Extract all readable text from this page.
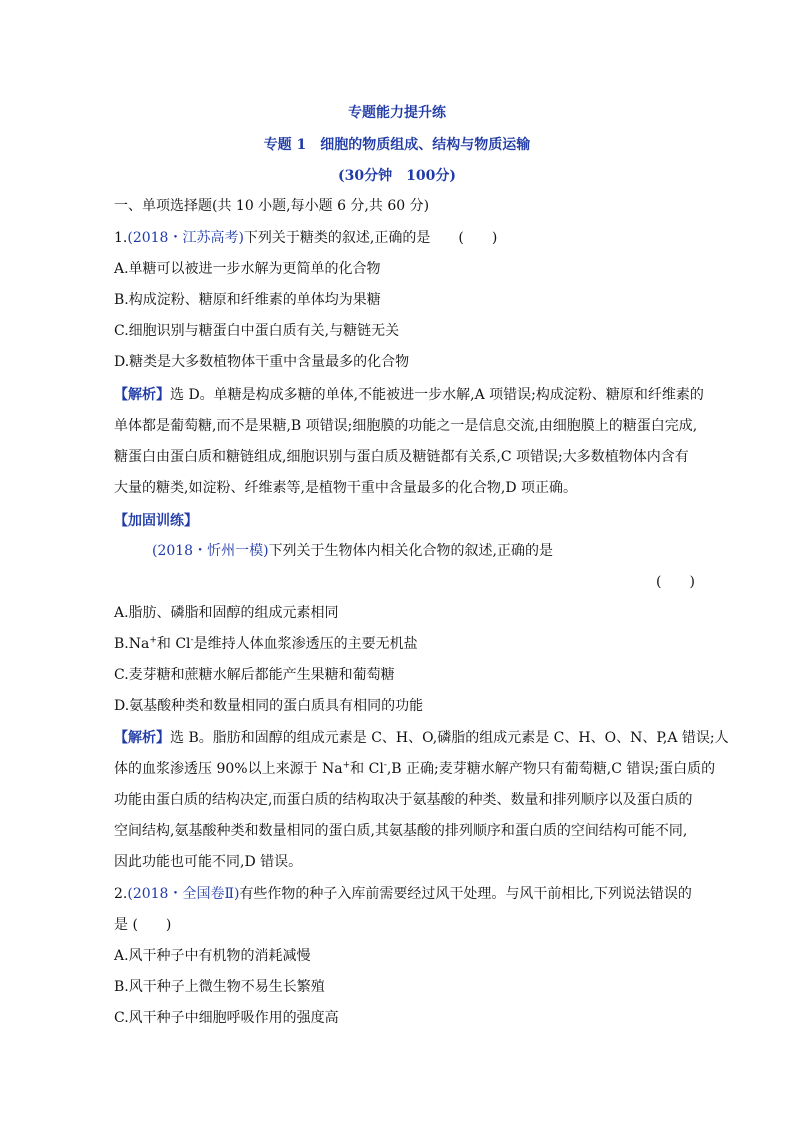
专题能力提升练
专题 1　细胞的物质组成、结构与物质运输
(30分钟　100分)
一、单项选择题(共 10 小题,每小题 6 分,共 60 分)
1.(2018・江苏高考)下列关于糖类的叙述,正确的是　　(　　)
A.单糖可以被进一步水解为更简单的化合物
B.构成淀粉、糖原和纤维素的单体均为果糖
C.细胞识别与糖蛋白中蛋白质有关,与糖链无关
D.糖类是大多数植物体干重中含量最多的化合物
【解析】选 D。单糖是构成多糖的单体,不能被进一步水解,A 项错误;构成淀粉、糖原和纤维素的
单体都是葡萄糖,而不是果糖,B 项错误;细胞膜的功能之一是信息交流,由细胞膜上的糖蛋白完成,
糖蛋白由蛋白质和糖链组成,细胞识别与蛋白质及糖链都有关系,C 项错误;大多数植物体内含有
大量的糖类,如淀粉、纤维素等,是植物干重中含量最多的化合物,D 项正确。
【加固训练】
(2018・忻州一模)下列关于生物体内相关化合物的叙述,正确的是
(　　)
A.脂肪、磷脂和固醇的组成元素相同
B.Na+和 Cl-是维持人体血浆渗透压的主要无机盐
C.麦芽糖和蔗糖水解后都能产生果糖和葡萄糖
D.氨基酸种类和数量相同的蛋白质具有相同的功能
【解析】选 B。脂肪和固醇的组成元素是 C、H、O,磷脂的组成元素是 C、H、O、N、P,A 错误;人
体的血浆渗透压 90%以上来源于 Na+和 Cl-,B 正确;麦芽糖水解产物只有葡萄糖,C 错误;蛋白质的
功能由蛋白质的结构决定,而蛋白质的结构取决于氨基酸的种类、数量和排列顺序以及蛋白质的
空间结构,氨基酸种类和数量相同的蛋白质,其氨基酸的排列顺序和蛋白质的空间结构可能不同,
因此功能也可能不同,D 错误。
2.(2018・全国卷Ⅱ)有些作物的种子入库前需要经过风干处理。与风干前相比,下列说法错误的
是 (　　)
A.风干种子中有机物的消耗减慢
B.风干种子上微生物不易生长繁殖
C.风干种子中细胞呼吸作用的强度高
